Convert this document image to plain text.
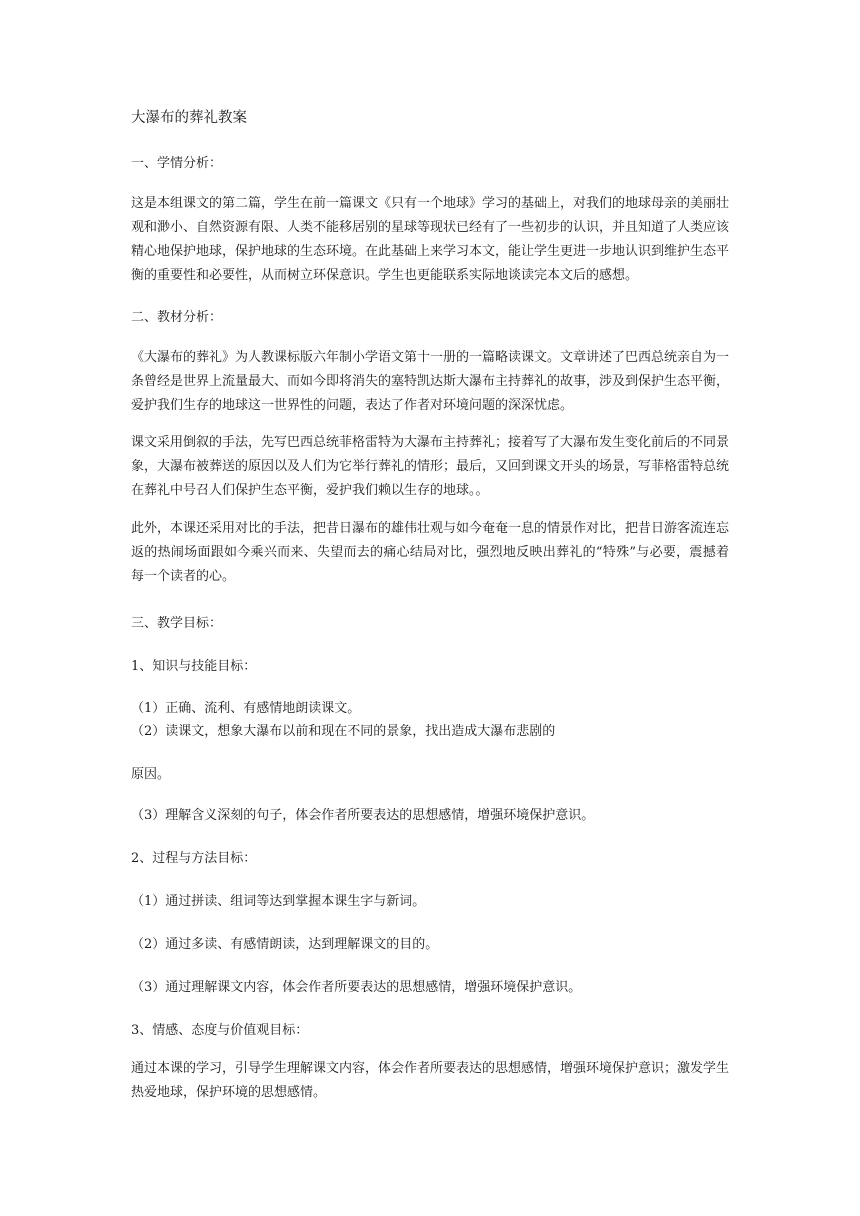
大瀑布的葬礼教案
一、学情分析：
这是本组课文的第二篇，学生在前一篇课文《只有一个地球》学习的基础上，对我们的地球母亲的美丽壮观和渺小、自然资源有限、人类不能移居别的星球等现状已经有了一些初步的认识，并且知道了人类应该精心地保护地球，保护地球的生态环境。在此基础上来学习本文，能让学生更进一步地认识到维护生态平衡的重要性和必要性，从而树立环保意识。学生也更能联系实际地谈读完本文后的感想。
二、教材分析：
《大瀑布的葬礼》为人教课标版六年制小学语文第十一册的一篇略读课文。文章讲述了巴西总统亲自为一条曾经是世界上流量最大、而如今即将消失的塞特凯达斯大瀑布主持葬礼的故事，涉及到保护生态平衡，爱护我们生存的地球这一世界性的问题，表达了作者对环境问题的深深忧虑。
课文采用倒叙的手法，先写巴西总统菲格雷特为大瀑布主持葬礼；接着写了大瀑布发生变化前后的不同景象，大瀑布被葬送的原因以及人们为它举行葬礼的情形；最后，又回到课文开头的场景，写菲格雷特总统在葬礼中号召人们保护生态平衡，爱护我们赖以生存的地球。。
此外，本课还采用对比的手法，把昔日瀑布的雄伟壮观与如今奄奄一息的情景作对比，把昔日游客流连忘返的热闹场面跟如今乘兴而来、失望而去的痛心结局对比，强烈地反映出葬礼的“特殊”与必要，震撼着每一个读者的心。
三、教学目标：
1、知识与技能目标：
（1）正确、流利、有感情地朗读课文。
（2）读课文，想象大瀑布以前和现在不同的景象，找出造成大瀑布悲剧的
原因。
（3）理解含义深刻的句子，体会作者所要表达的思想感情，增强环境保护意识。
2、过程与方法目标：
（1）通过拼读、组词等达到掌握本课生字与新词。
（2）通过多读、有感情朗读，达到理解课文的目的。
（3）通过理解课文内容，体会作者所要表达的思想感情，增强环境保护意识。
3、情感、态度与价值观目标：
通过本课的学习，引导学生理解课文内容，体会作者所要表达的思想感情，增强环境保护意识；激发学生热爱地球，保护环境的思想感情。
